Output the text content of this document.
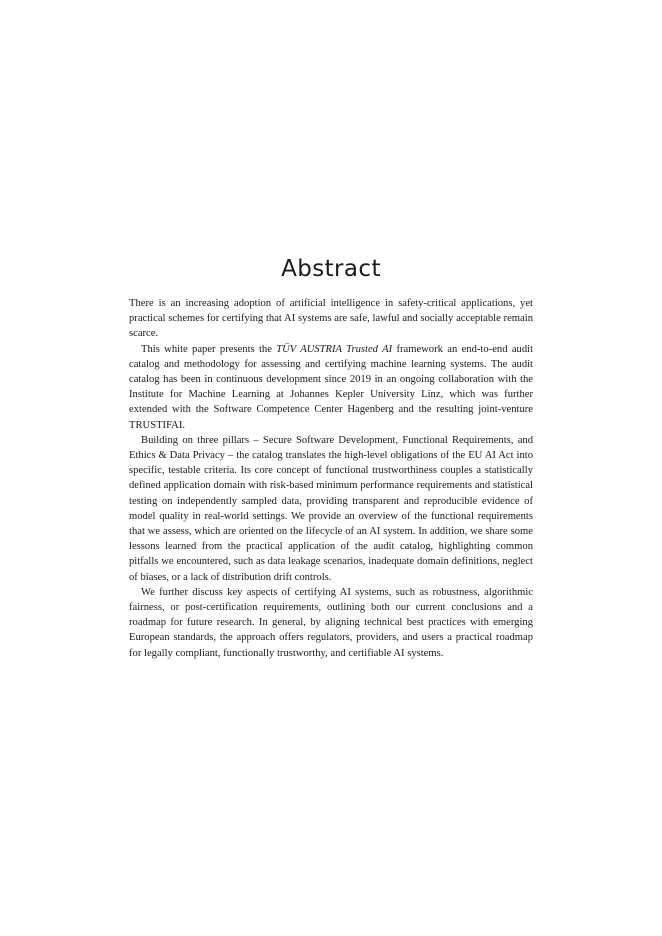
Abstract

There is an increasing adoption of artificial intelligence in safety-critical applications, yet practical schemes for certifying that AI systems are safe, lawful and socially acceptable remain scarce.

This white paper presents the TÜV AUSTRIA Trusted AI framework an end-to-end audit catalog and methodology for assessing and certifying machine learning systems. The audit catalog has been in continuous development since 2019 in an ongoing collaboration with the Institute for Machine Learning at Johannes Kepler University Linz, which was further extended with the Software Competence Center Hagenberg and the resulting joint-venture TRUSTIFAI.

Building on three pillars – Secure Software Development, Functional Requirements, and Ethics & Data Privacy – the catalog translates the high-level obligations of the EU AI Act into specific, testable criteria. Its core concept of functional trustworthiness couples a statistically defined application domain with risk-based minimum performance requirements and statistical testing on independently sampled data, providing transparent and reproducible evidence of model quality in real-world settings. We provide an overview of the functional requirements that we assess, which are oriented on the lifecycle of an AI system. In addition, we share some lessons learned from the practical application of the audit catalog, highlighting common pitfalls we encountered, such as data leakage scenarios, inadequate domain definitions, neglect of biases, or a lack of distribution drift controls.

We further discuss key aspects of certifying AI systems, such as robustness, algorithmic fairness, or post-certification requirements, outlining both our current conclusions and a roadmap for future research. In general, by aligning technical best practices with emerging European standards, the approach offers regulators, providers, and users a practical roadmap for legally compliant, functionally trustworthy, and certifiable AI systems.
